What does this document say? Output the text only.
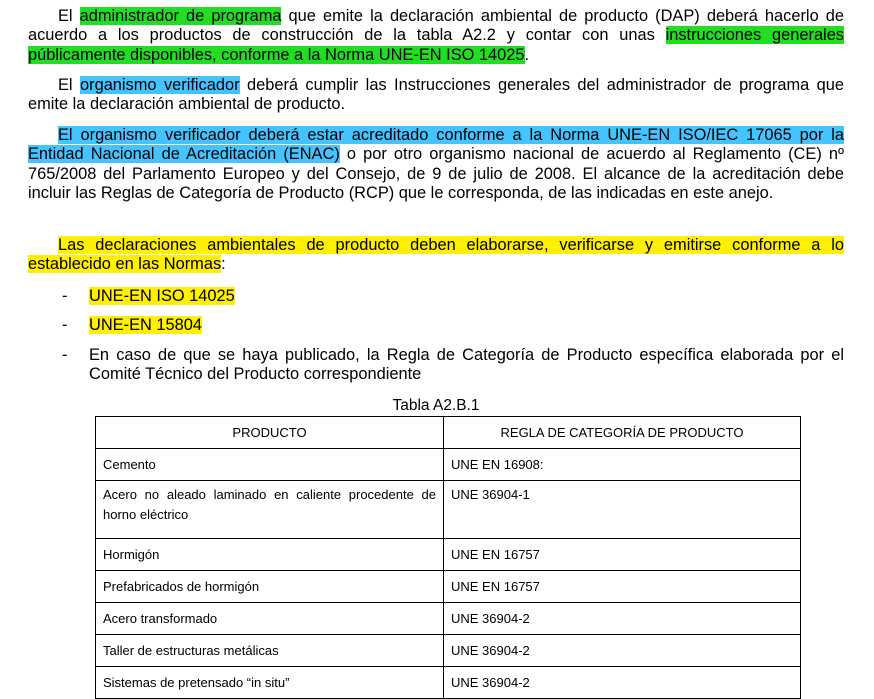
El administrador de programa que emite la declaración ambiental de producto (DAP) deberá hacerlo de acuerdo a los productos de construcción de la tabla A2.2 y contar con unas instrucciones generales públicamente disponibles, conforme a la Norma UNE-EN ISO 14025.

El organismo verificador deberá cumplir las Instrucciones generales del administrador de programa que emite la declaración ambiental de producto.

El organismo verificador deberá estar acreditado conforme a la Norma UNE-EN ISO/IEC 17065 por la Entidad Nacional de Acreditación (ENAC) o por otro organismo nacional de acuerdo al Reglamento (CE) nº 765/2008 del Parlamento Europeo y del Consejo, de 9 de julio de 2008. El alcance de la acreditación debe incluir las Reglas de Categoría de Producto (RCP) que le corresponda, de las indicadas en este anejo.

Las declaraciones ambientales de producto deben elaborarse, verificarse y emitirse conforme a lo establecido en las Normas:

- UNE-EN ISO 14025
- UNE-EN 15804
- En caso de que se haya publicado, la Regla de Categoría de Producto específica elaborada por el Comité Técnico del Producto correspondiente
Tabla A2.B.1
PRODUCTO	REGLA DE CATEGORÍA DE PRODUCTO
Cemento	UNE EN 16908:
Acero no aleado laminado en caliente procedente de horno eléctrico	UNE 36904-1
Hormigón	UNE EN 16757
Prefabricados de hormigón	UNE EN 16757
Acero transformado	UNE 36904-2
Taller de estructuras metálicas	UNE 36904-2
Sistemas de pretensado “in situ”	UNE 36904-2
